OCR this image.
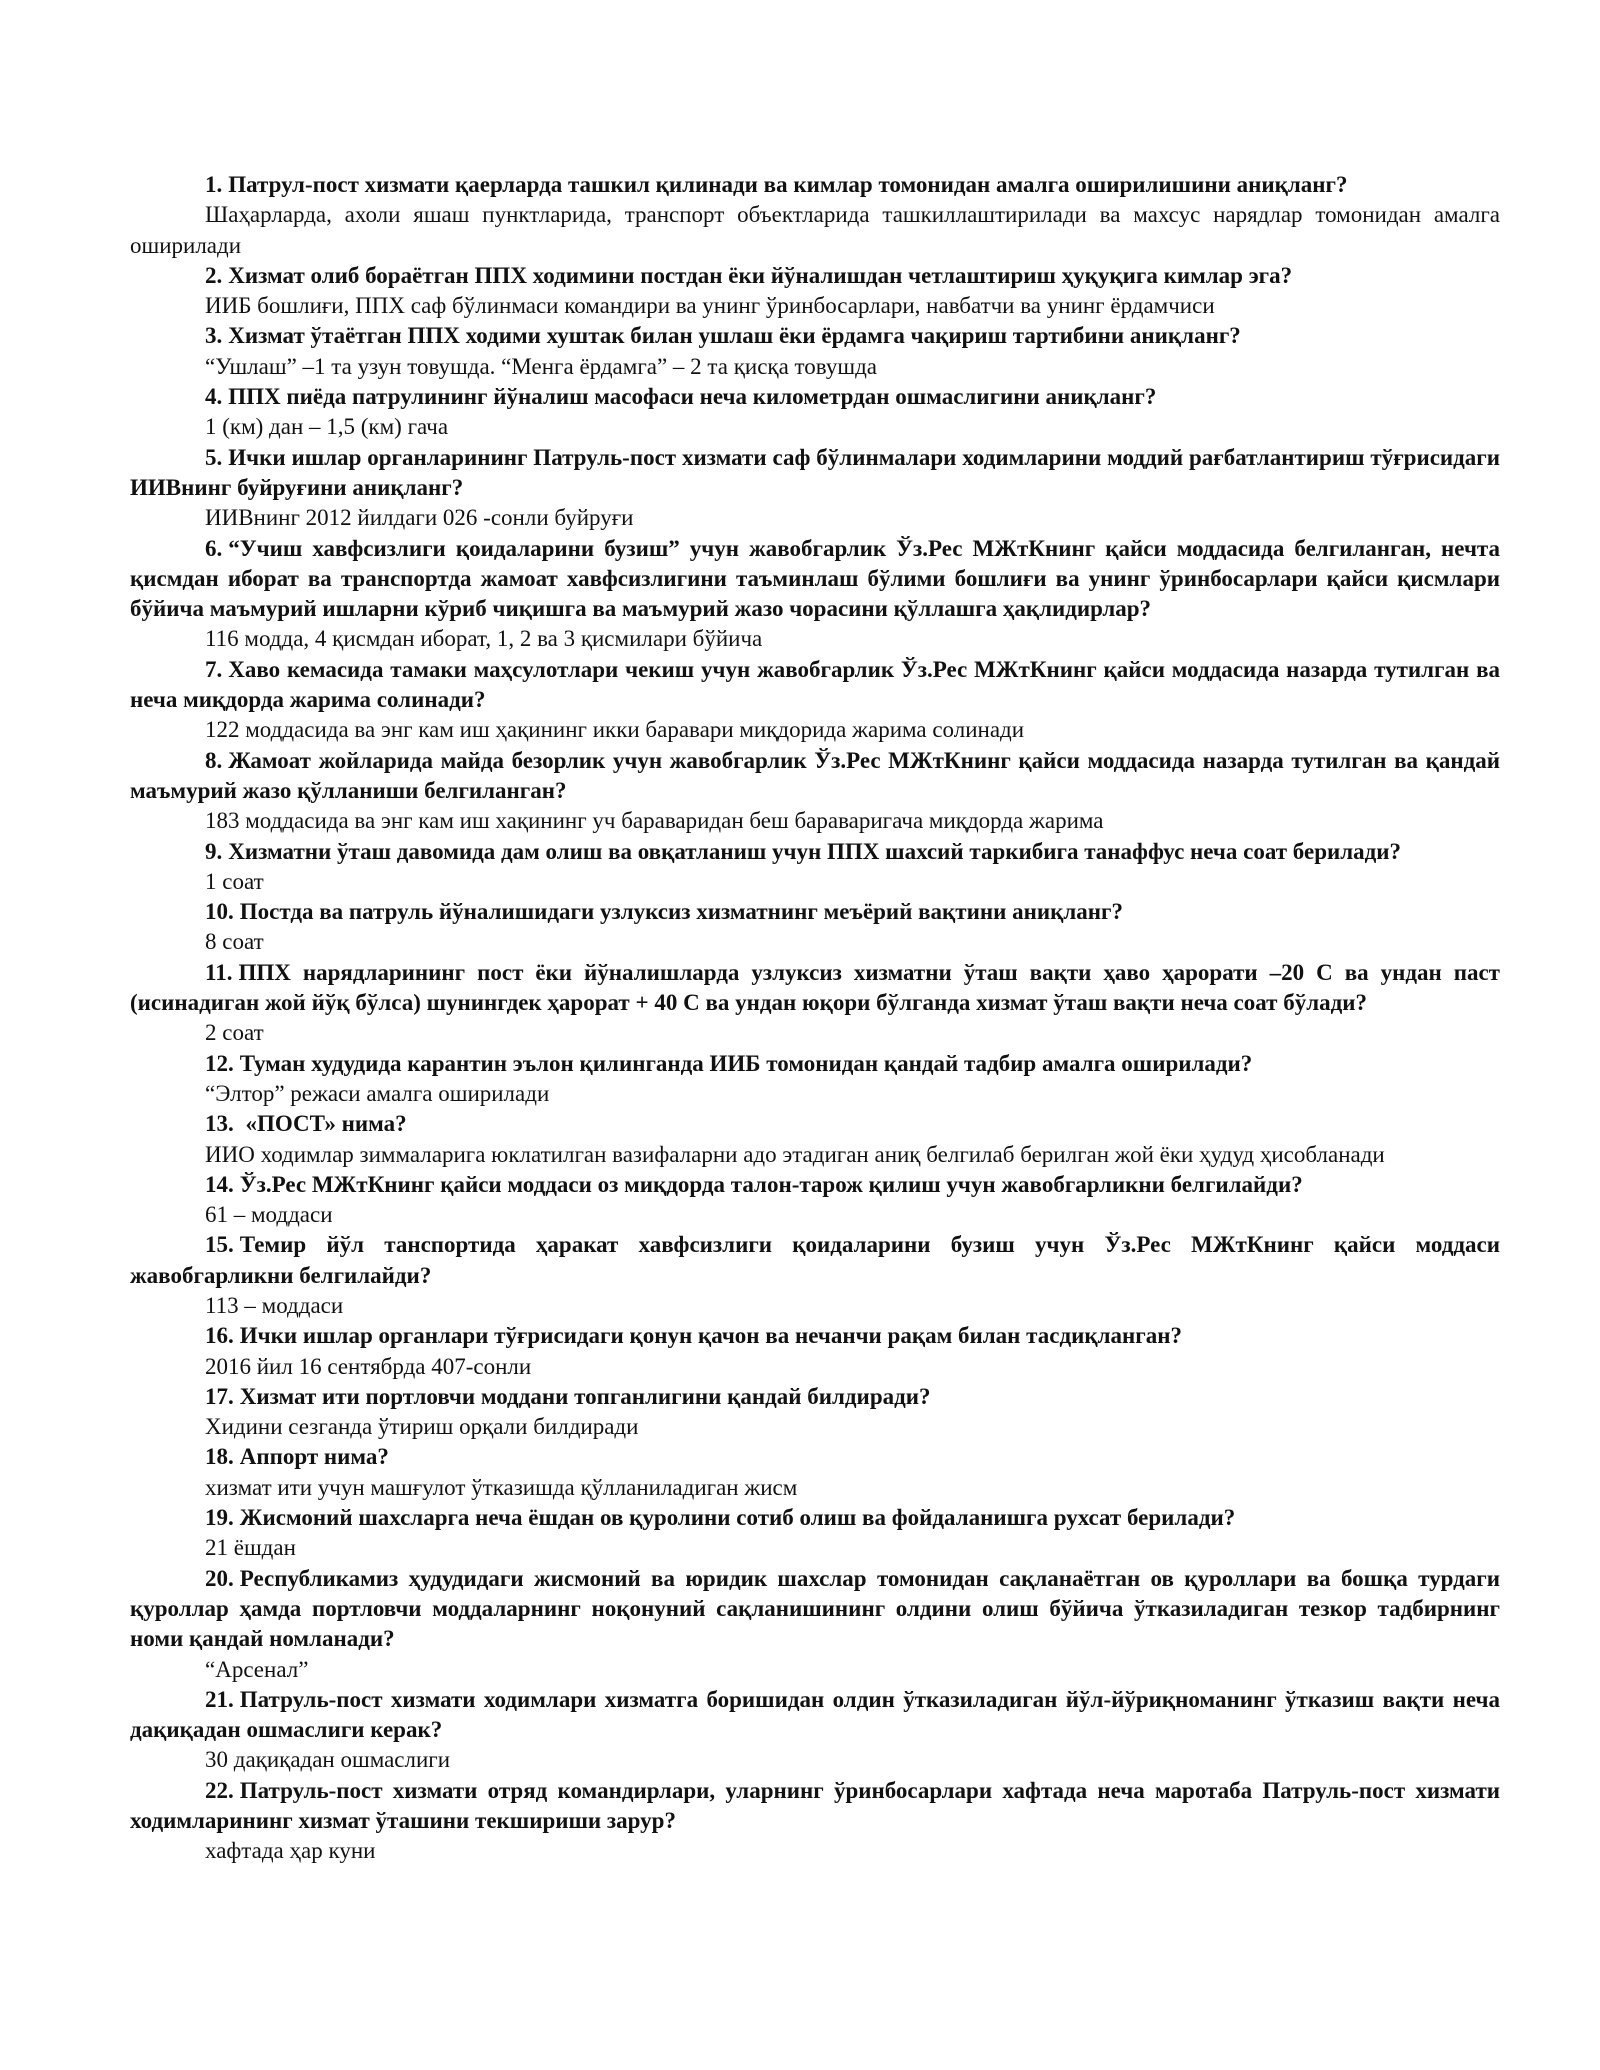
1. Патрул-пост хизмати қаерларда ташкил қилинади ва кимлар томонидан амалга оширилишини аниқланг?

Шаҳарларда, ахоли яшаш пунктларида, транспорт объектларида ташкиллаштирилади ва махсус нарядлар томонидан амалга оширилади

2. Хизмат олиб бораётган ППХ ходимини постдан ёки йўналишдан четлаштириш ҳуқуқига кимлар эга?

ИИБ бошлиғи, ППХ саф бўлинмаси командири ва унинг ўринбосарлари, навбатчи ва унинг ёрдамчиси

3. Хизмат ўтаётган ППХ ходими хуштак билан ушлаш ёки ёрдамга чақириш тартибини аниқланг?

“Ушлаш” –1 та узун товушда. “Менга ёрдамга” – 2 та қисқа товушда

4. ППХ пиёда патрулининг йўналиш масофаси неча километрдан ошмаслигини аниқланг?

1 (км) дан – 1,5 (км) гача

5. Ички ишлар органларининг Патруль-пост хизмати саф бўлинмалари ходимларини моддий рағбатлантириш тўғрисидаги ИИВнинг буйруғини аниқланг?

ИИВнинг 2012 йилдаги 026 -сонли буйруғи

6. “Учиш хавфсизлиги қоидаларини бузиш” учун жавобгарлик Ўз.Рес МЖтКнинг қайси моддасида белгиланган, нечта қисмдан иборат ва транспортда жамоат хавфсизлигини таъминлаш бўлими бошлиғи ва унинг ўринбосарлари қайси қисмлари бўйича маъмурий ишларни кўриб чиқишга ва маъмурий жазо чорасини қўллашга ҳақлидирлар?

116 модда, 4 қисмдан иборат, 1, 2 ва 3 қисмилари бўйича

7. Хаво кемасида тамаки маҳсулотлари чекиш учун жавобгарлик Ўз.Рес МЖтКнинг қайси моддасида назарда тутилган ва неча миқдорда жарима солинади?

122 моддасида ва энг кам иш ҳақининг икки баравари миқдорида жарима солинади

8. Жамоат жойларида майда безорлик учун жавобгарлик Ўз.Рес МЖтКнинг қайси моддасида назарда тутилган ва қандай маъмурий жазо қўлланиши белгиланган?

183 моддасида ва энг кам иш хақининг уч бараваридан беш бараваригача миқдорда жарима

9. Хизматни ўташ давомида дам олиш ва овқатланиш учун ППХ шахсий таркибига танаффус неча соат берилади?

1 соат

10. Постда ва патруль йўналишидаги узлуксиз хизматнинг меъёрий вақтини аниқланг?

8 соат

11. ППХ нарядларининг пост ёки йўналишларда узлуксиз хизматни ўташ вақти ҳаво ҳарорати –20 С ва ундан паст (исинадиган жой йўқ бўлса) шунингдек ҳарорат + 40 С ва ундан юқори бўлганда хизмат ўташ вақти неча соат бўлади?

2 соат

12. Туман худудида карантин эълон қилинганда ИИБ томонидан қандай тадбир амалга оширилади?

“Элтор” режаси амалга оширилади

13. «ПОСТ» нима?

ИИО ходимлар зиммаларига юклатилган вазифаларни адо этадиган аниқ белгилаб берилган жой ёки ҳудуд ҳисобланади

14. Ўз.Рес МЖтКнинг қайси моддаси оз миқдорда талон-тарож қилиш учун жавобгарликни белгилайди?

61 – моддаси

15. Темир йўл танспортида ҳаракат хавфсизлиги қоидаларини бузиш учун Ўз.Рес МЖтКнинг қайси моддаси жавобгарликни белгилайди?

113 – моддаси

16. Ички ишлар органлари тўғрисидаги қонун қачон ва нечанчи рақам билан тасдиқланган?

2016 йил 16 сентябрда 407-сонли

17. Хизмат ити портловчи моддани топганлигини қандай билдиради?

Хидини сезганда ўтириш орқали билдиради

18. Аппорт нима?

хизмат ити учун машғулот ўтказишда қўлланиладиган жисм

19. Жисмоний шахсларга неча ёшдан ов қуролини сотиб олиш ва фойдаланишга рухсат берилади?

21 ёшдан

20. Республикамиз ҳудудидаги жисмоний ва юридик шахслар томонидан сақланаётган ов қуроллари ва бошқа турдаги қуроллар ҳамда портловчи моддаларнинг ноқонуний сақланишининг олдини олиш бўйича ўтказиладиган тезкор тадбирнинг номи қандай номланади?

“Арсенал”

21. Патруль-пост хизмати ходимлари хизматга боришидан олдин ўтказиладиган йўл-йўриқноманинг ўтказиш вақти неча дақиқадан ошмаслиги керак?

30 дақиқадан ошмаслиги

22. Патруль-пост хизмати отряд командирлари, уларнинг ўринбосарлари хафтада неча маротаба Патруль-пост хизмати ходимларининг хизмат ўташини текшириши зарур?

хафтада ҳар куни
